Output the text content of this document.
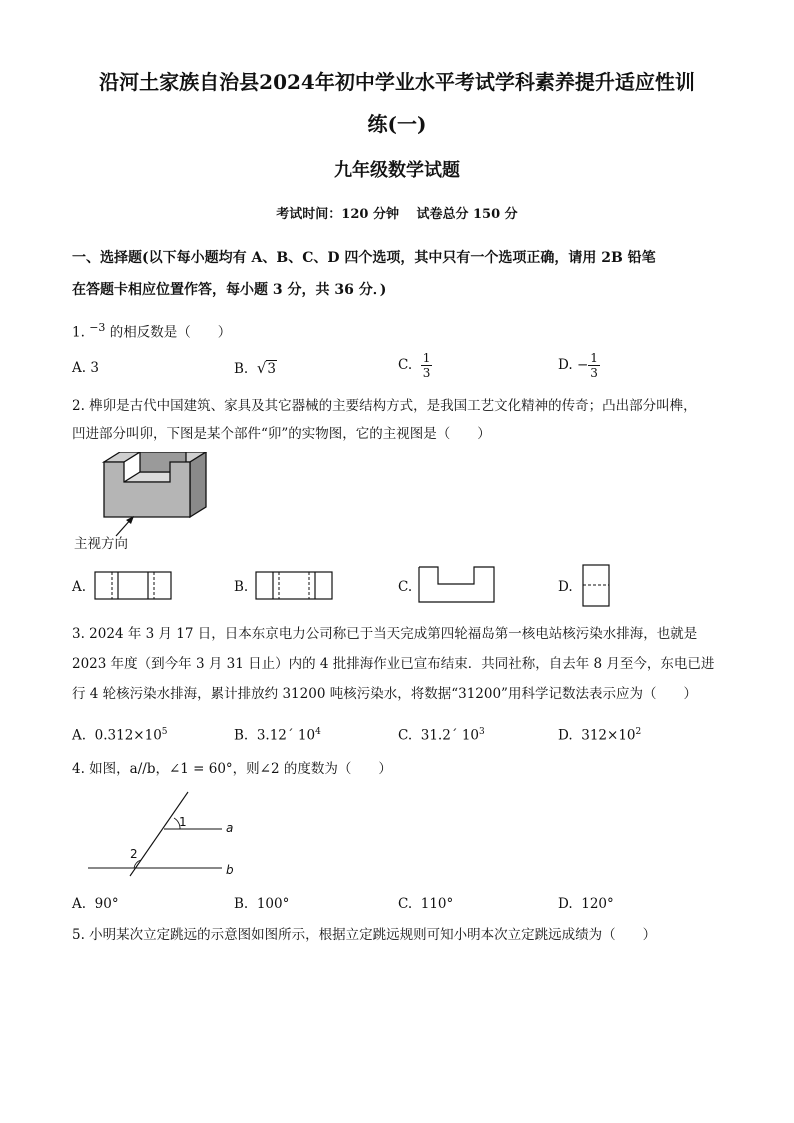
沿河土家族自治县2024年初中学业水平考试学科素养提升适应性训
练(一)
九年级数学试题
考试时间：120 分钟　 试卷总分 150 分
一、选择题(以下每小题均有 A、B、C、D 四个选项，其中只有一个选项正确，请用 2B 铅笔
在答题卡相应位置作答，每小题 3 分，共 36 分．)
1. $^{-3}$ 的相反数是（　　）
A. 3	B. √3	C. $\frac{1}{3}$	D. − $\frac{1}{3}$
2. 榫卯是古代中国建筑、家具及其它器械的主要结构方式，是我国工艺文化精神的传奇；凸出部分叫榫，
凹进部分叫卯，下图是某个部件“卯”的实物图，它的主视图是（　　）
主视方向
A.	B.	C.	D.
3. 2024 年 3 月 17 日，日本东京电力公司称已于当天完成第四轮福岛第一核电站核污染水排海，也就是
2023 年度（到今年 3 月 31 日止）内的 4 批排海作业已宣布结束．共同社称，自去年 8 月至今，东电已进
行 4 轮核污染水排海，累计排放约 31200 吨核污染水，将数据“31200”用科学记数法表示应为（　　）
A. $0.312\times 10^5$	B. 3.12´ $10^4$	C. 31.2´ $10^3$	D. $312\times 10^2$
4. 如图，a//b，∠1 = 60°，则∠2 的度数为（　　）
1
2
a
b
A. 90°	B. 100°	C. 110°	D. 120°
5. 小明某次立定跳远的示意图如图所示，根据立定跳远规则可知小明本次立定跳远成绩为（　　）
